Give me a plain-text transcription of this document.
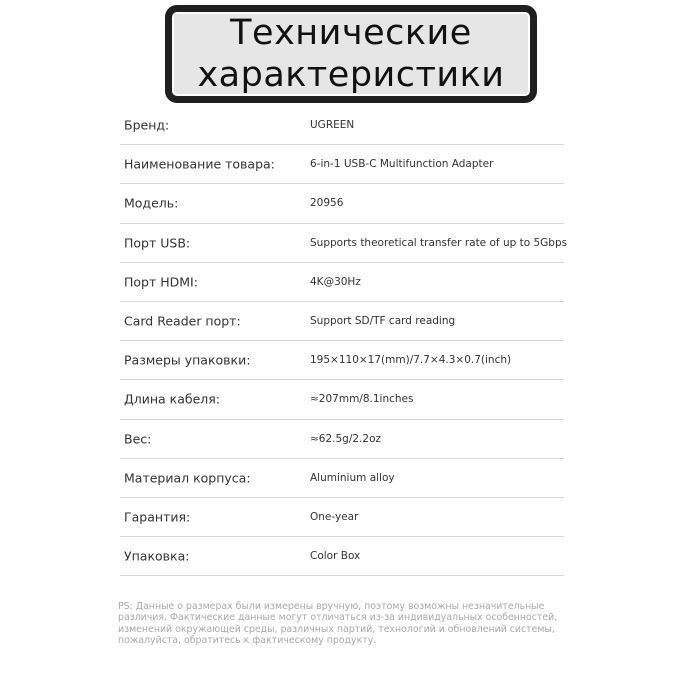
Технические
характеристики
Бренд:	UGREEN
Наименование товара:	6-in-1 USB-C Multifunction Adapter
Модель:	20956
Порт USB:	Supports theoretical transfer rate of up to 5Gbps
Порт HDMI:	4K@30Hz
Card Reader порт:	Support SD/TF card reading
Размеры упаковки:	195×110×17(mm)/7.7×4.3×0.7(inch)
Длина кабеля:	≈207mm/8.1inches
Вес:	≈62.5g/2.2oz
Материал корпуса:	Aluminium alloy
Гарантия:	One-year
Упаковка:	Color Box
PS: Данные о размерах были измерены вручную, поэтому возможны незначительные различия. Фактические данные могут отличаться из-за индивидуальных особенностей, изменений окружающей среды, различных партий, технологий и обновлений системы, пожалуйста, обратитесь к фактическому продукту.
